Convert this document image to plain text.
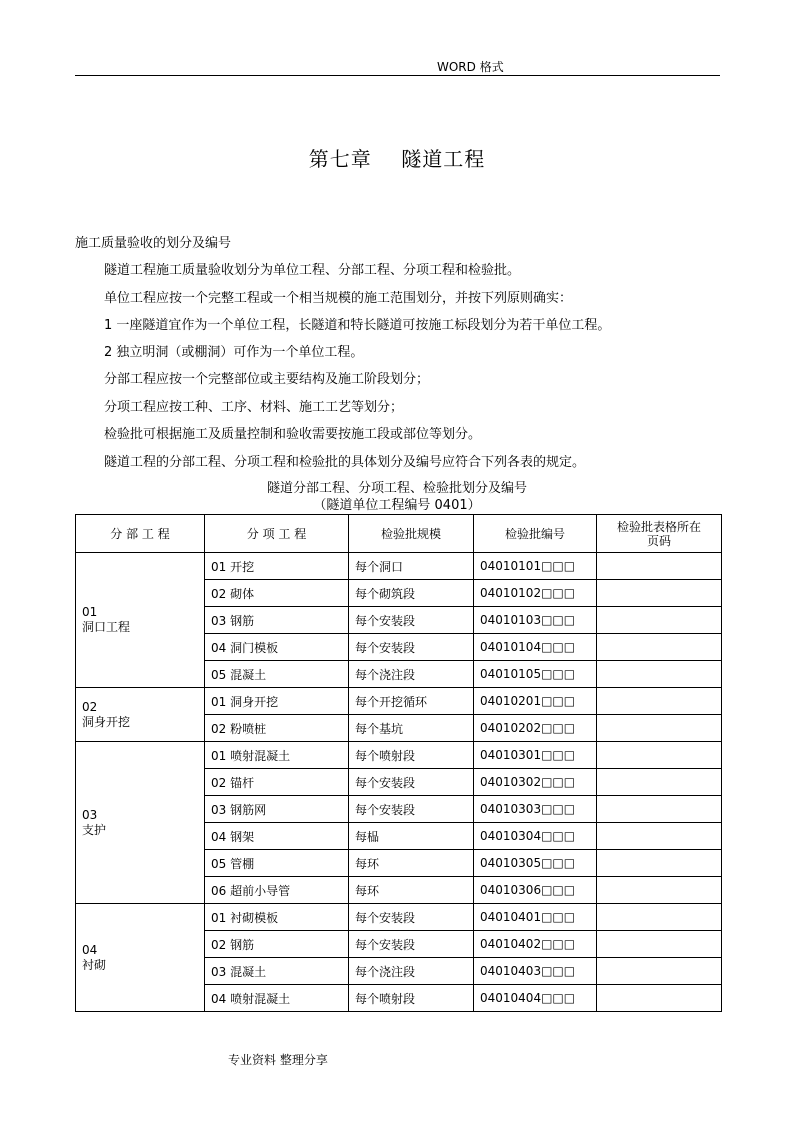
WORD 格式
第七章    隧道工程
施工质量验收的划分及编号
隧道工程施工质量验收划分为单位工程、分部工程、分项工程和检验批。
单位工程应按一个完整工程或一个相当规模的施工范围划分，并按下列原则确实：
1 一座隧道宜作为一个单位工程，长隧道和特长隧道可按施工标段划分为若干单位工程。
2 独立明洞（或棚洞）可作为一个单位工程。
分部工程应按一个完整部位或主要结构及施工阶段划分；
分项工程应按工种、工序、材料、施工工艺等划分；
检验批可根据施工及质量控制和验收需要按施工段或部位等划分。
隧道工程的分部工程、分项工程和检验批的具体划分及编号应符合下列各表的规定。
隧道分部工程、分项工程、检验批划分及编号
（隧道单位工程编号 0401）
分 部 工 程	分 项 工 程	检验批规模	检验批编号	检验批表格所在页码

01
洞口工程	01 开挖	每个洞口	04010101□□□	
	02 砌体	每个砌筑段	04010102□□□	
	03 钢筋	每个安装段	04010103□□□	
	04 洞门模板	每个安装段	04010104□□□	
	05 混凝土	每个浇注段	04010105□□□	

02
洞身开挖	01 洞身开挖	每个开挖循环	04010201□□□	
	02 粉喷桩	每个基坑	04010202□□□	

03
支护	01 喷射混凝土	每个喷射段	04010301□□□	
	02 锚杆	每个安装段	04010302□□□	
	03 钢筋网	每个安装段	04010303□□□	
	04 钢架	每榀	04010304□□□	
	05 管棚	每环	04010305□□□	
	06 超前小导管	每环	04010306□□□	

04
衬砌	01 衬砌模板	每个安装段	04010401□□□	
	02 钢筋	每个安装段	04010402□□□	
	03 混凝土	每个浇注段	04010403□□□	
	04 喷射混凝土	每个喷射段	04010404□□□	
专业资料 整理分享
